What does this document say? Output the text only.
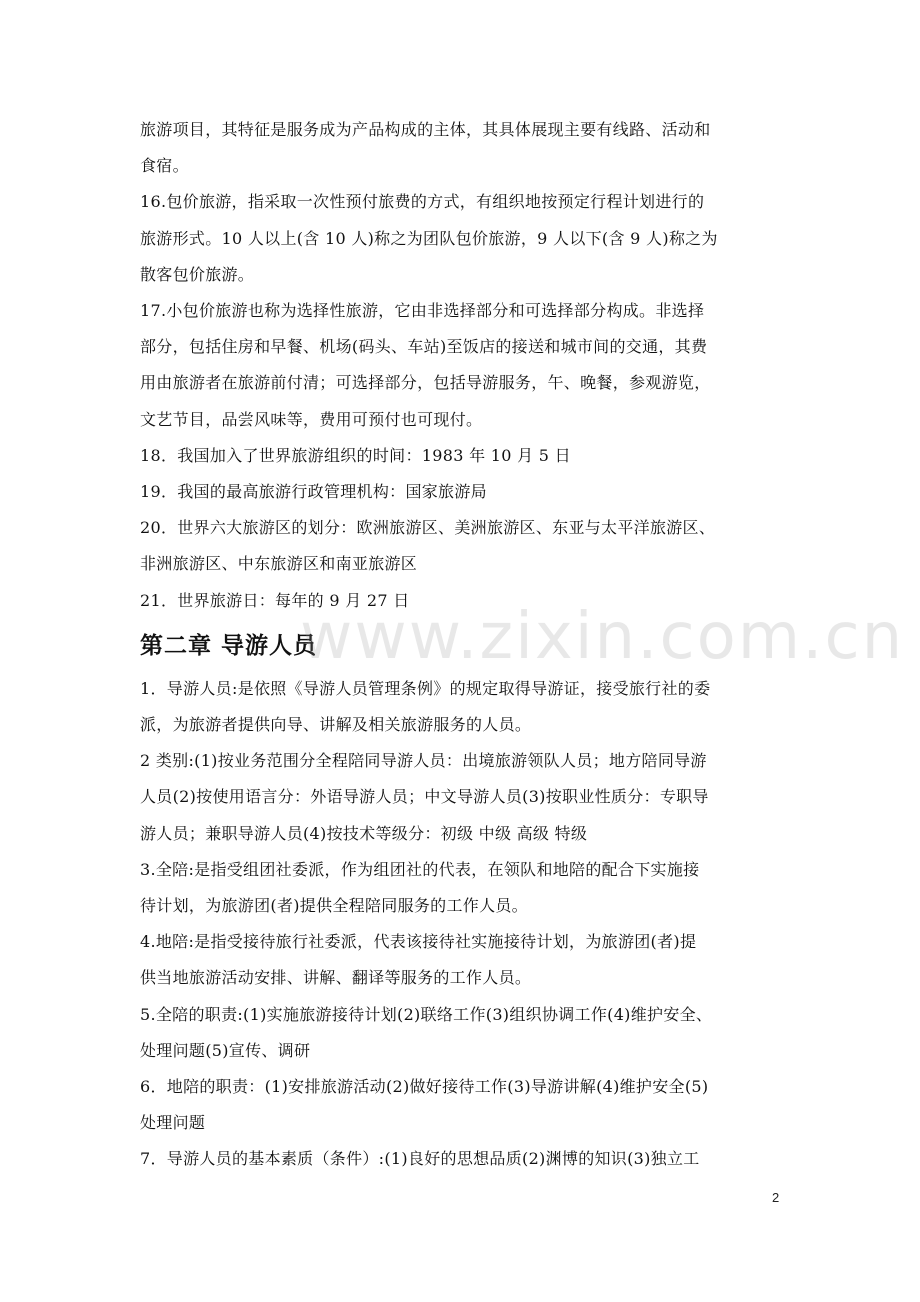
旅游项目，其特征是服务成为产品构成的主体，其具体展现主要有线路、活动和
食宿。
16.包价旅游，指采取一次性预付旅费的方式，有组织地按预定行程计划进行的
旅游形式。10 人以上(含 10 人)称之为团队包价旅游，9 人以下(含 9 人)称之为
散客包价旅游。
17.小包价旅游也称为选择性旅游，它由非选择部分和可选择部分构成。非选择
部分，包括住房和早餐、机场(码头、车站)至饭店的接送和城市间的交通，其费
用由旅游者在旅游前付清；可选择部分，包括导游服务，午、晚餐，参观游览，
文艺节目，品尝风味等，费用可预付也可现付。
18．我国加入了世界旅游组织的时间：1983 年 10 月 5 日
19．我国的最高旅游行政管理机构：国家旅游局
20．世界六大旅游区的划分：欧洲旅游区、美洲旅游区、东亚与太平洋旅游区、
非洲旅游区、中东旅游区和南亚旅游区
21．世界旅游日：每年的 9 月 27 日
第二章 导游人员
1．导游人员:是依照《导游人员管理条例》的规定取得导游证，接受旅行社的委
派，为旅游者提供向导、讲解及相关旅游服务的人员。
2 类别:(1)按业务范围分全程陪同导游人员：出境旅游领队人员；地方陪同导游
人员(2)按使用语言分：外语导游人员；中文导游人员(3)按职业性质分：专职导
游人员；兼职导游人员(4)按技术等级分：初级 中级 高级 特级
3.全陪:是指受组团社委派，作为组团社的代表，在领队和地陪的配合下实施接
待计划，为旅游团(者)提供全程陪同服务的工作人员。
4.地陪:是指受接待旅行社委派，代表该接待社实施接待计划，为旅游团(者)提
供当地旅游活动安排、讲解、翻译等服务的工作人员。
5.全陪的职责:(1)实施旅游接待计划(2)联络工作(3)组织协调工作(4)维护安全、
处理问题(5)宣传、调研
6．地陪的职责：(1)安排旅游活动(2)做好接待工作(3)导游讲解(4)维护安全(5)
处理问题
7．导游人员的基本素质（条件）:(1)良好的思想品质(2)渊博的知识(3)独立工
www.zixin.com.cn
2
